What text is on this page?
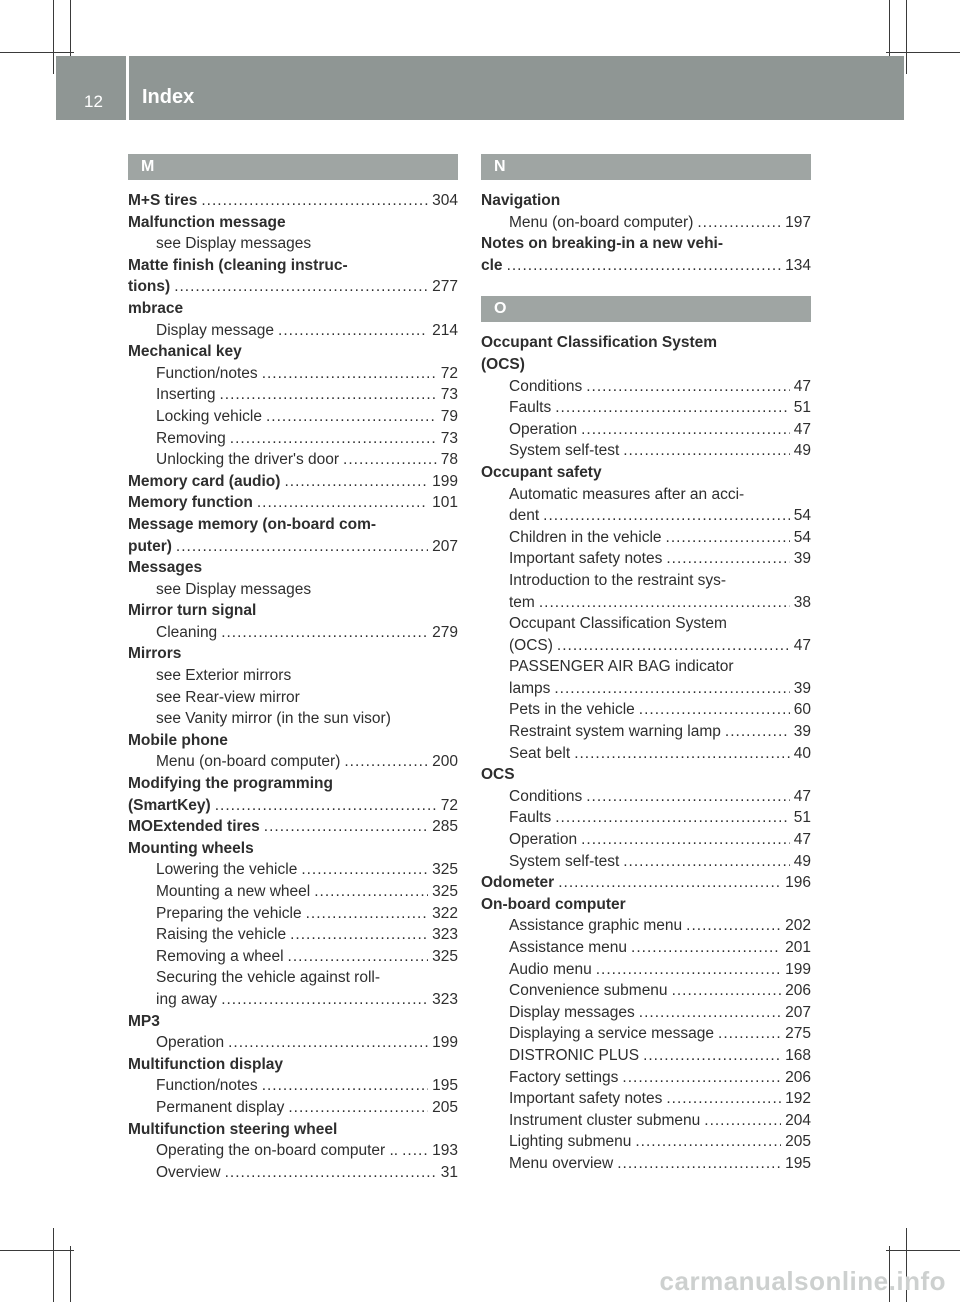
12 Index
M
M+S tires .....	304
Malfunction message
see Display messages
Matte finish (cleaning instruc-
tions) .....	277
mbrace
Display message .....	214
Mechanical key
Function/notes .....	72
Inserting .....	73
Locking vehicle .....	79
Removing .....	73
Unlocking the driver's door .....	78
Memory card (audio) .....	199
Memory function .....	101
Message memory (on-board com-
puter) .....	207
Messages
see Display messages
Mirror turn signal
Cleaning .....	279
Mirrors
see Exterior mirrors
see Rear-view mirror
see Vanity mirror (in the sun visor)
Mobile phone
Menu (on-board computer) .....	200
Modifying the programming
(SmartKey) .....	72
MOExtended tires .....	285
Mounting wheels
Lowering the vehicle .....	325
Mounting a new wheel .....	325
Preparing the vehicle .....	322
Raising the vehicle .....	323
Removing a wheel .....	325
Securing the vehicle against roll-
ing away .....	323
MP3
Operation .....	199
Multifunction display
Function/notes .....	195
Permanent display .....	205
Multifunction steering wheel
Operating the on-board computer .. ..... 193
Overview .....	31
N
Navigation
Menu (on-board computer) .....	197
Notes on breaking-in a new vehi-
cle .....	134
O
Occupant Classification System
(OCS)
Conditions .....	47
Faults .....	51
Operation .....	47
System self-test .....	49
Occupant safety
Automatic measures after an acci-
dent .....	54
Children in the vehicle .....	54
Important safety notes .....	39
Introduction to the restraint sys-
tem .....	38
Occupant Classification System
(OCS) .....	47
PASSENGER AIR BAG indicator
lamps .....	39
Pets in the vehicle .....	60
Restraint system warning lamp .....	39
Seat belt .....	40
OCS
Conditions .....	47
Faults .....	51
Operation .....	47
System self-test .....	49
Odometer .....	196
On-board computer
Assistance graphic menu .....	202
Assistance menu .....	201
Audio menu .....	199
Convenience submenu .....	206
Display messages .....	207
Displaying a service message .....	275
DISTRONIC PLUS .....	168
Factory settings .....	206
Important safety notes .....	192
Instrument cluster submenu .....	204
Lighting submenu .....	205
Menu overview .....	195
carmanualsonline.info
